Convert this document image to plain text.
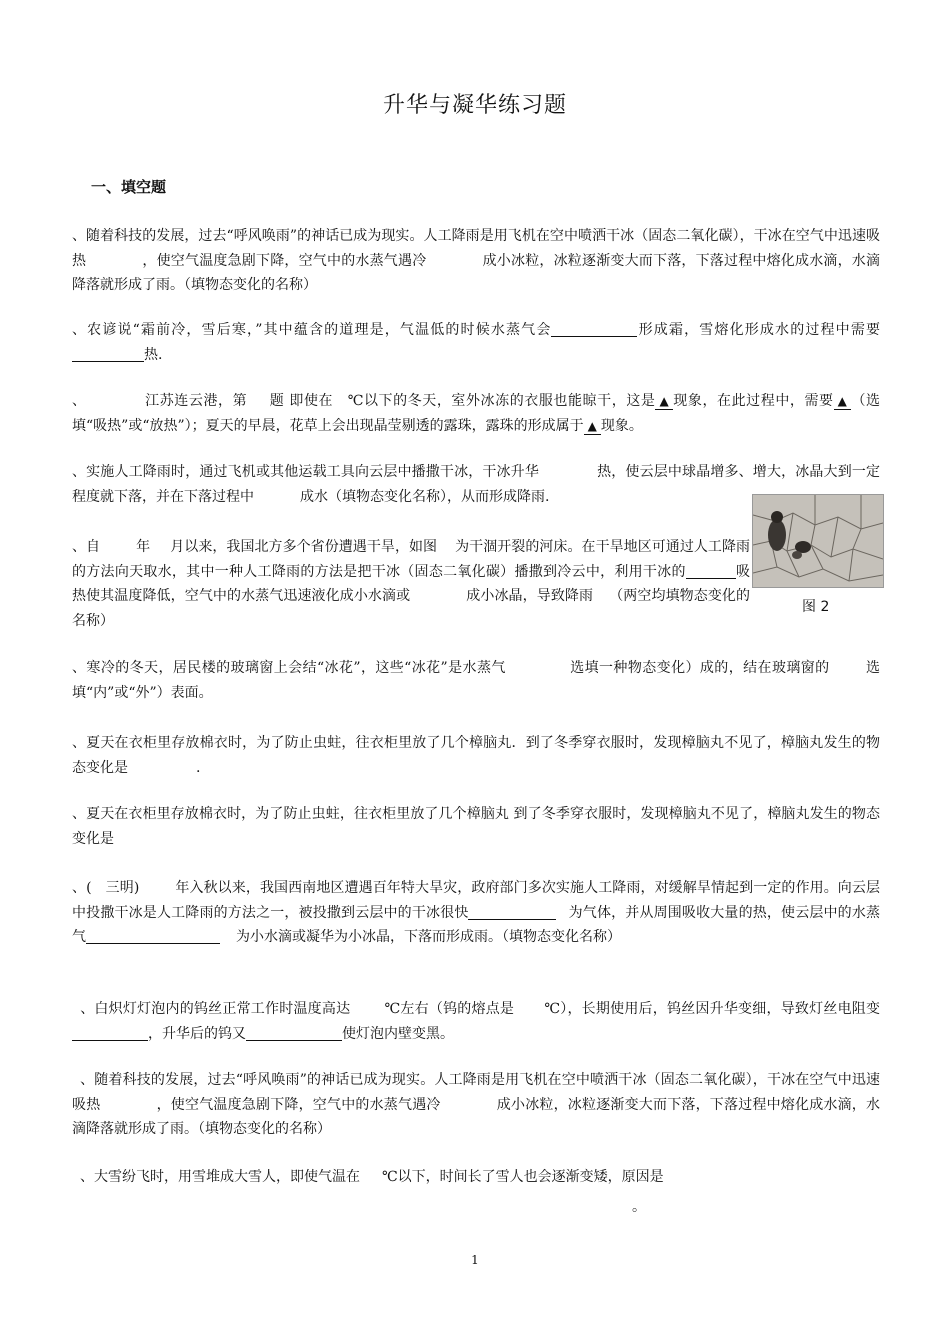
升华与凝华练习题
一、填空题

、随着科技的发展，过去“呼风唤雨”的神话已成为现实。人工降雨是用飞机在空中喷洒干冰（固态二氧化碳），干冰在空气中迅速吸热	，使空气温度急剧下降，空气中的水蒸气遇冷	成小冰粒，冰粒逐渐变大而下落，下落过程中熔化成水滴，水滴降落就形成了雨。（填物态变化的名称）

、农谚说“霜前冷，雪后寒，”其中蕴含的道理是，气温低的时候水蒸气会	形成霜，雪熔化形成水的过程中需要热.

、	江苏连云港，第 题 即使在 ℃以下的冬天，室外冰冻的衣服也能晾干，这是 ▲ 现象，在此过程中，需要 ▲ （选填“吸热”或“放热”）；夏天的早晨，花草上会出现晶莹剔透的露珠，露珠的形成属于 ▲ 现象。

、实施人工降雨时，通过飞机或其他运载工具向云层中播撒干冰，干冰升华	热，使云层中球晶增多、增大，冰晶大到一定程度就下落，并在下落过程中	成水（填物态变化名称），从而形成降雨.

、自	年 月以来，我国北方多个省份遭遇干旱，如图 为干涸开裂的河床。在干旱地区可通过人工降雨的方法向天取水，其中一种人工降雨的方法是把干冰（固态二氧化碳）播撒到冷云中，利用干冰的	吸热使其温度降低，空气中的水蒸气迅速液化成小水滴或	成小冰晶，导致降雨 （两空均填物态变化的名称）

图 2

、寒冷的冬天，居民楼的玻璃窗上会结“冰花”，这些“冰花”是水蒸气	选填一种物态变化）成的，结在玻璃窗的	选填“内”或“外”）表面。

、夏天在衣柜里存放棉衣时，为了防止虫蛀，往衣柜里放了几个樟脑丸．到了冬季穿衣服时，发现樟脑丸不见了，樟脑丸发生的物态变化是	.

、夏天在衣柜里存放棉衣时，为了防止虫蛀，往衣柜里放了几个樟脑丸 到了冬季穿衣服时，发现樟脑丸不见了，樟脑丸发生的物态变化是

、( 三明)	年入秋以来，我国西南地区遭遇百年特大旱灾，政府部门多次实施人工降雨，对缓解旱情起到一定的作用。向云层中投撒干冰是人工降雨的方法之一，被投撒到云层中的干冰很快	为气体，并从周围吸收大量的热，使云层中的水蒸气	为小水滴或凝华为小冰晶，下落而形成雨。（填物态变化名称）

、白炽灯灯泡内的钨丝正常工作时温度高达 ℃左右（钨的熔点是 ℃），长期使用后，钨丝因升华变细，导致灯丝电阻变，升华后的钨又	使灯泡内壁变黑。

、随着科技的发展，过去“呼风唤雨”的神话已成为现实。人工降雨是用飞机在空中喷洒干冰（固态二氧化碳），干冰在空气中迅速吸热	，使空气温度急剧下降，空气中的水蒸气遇冷	成小冰粒，冰粒逐渐变大而下落，下落过程中熔化成水滴，水滴降落就形成了雨。（填物态变化的名称）

、大雪纷飞时，用雪堆成大雪人，即使气温在 ℃以下，时间长了雪人也会逐渐变矮，原因是

。
1
